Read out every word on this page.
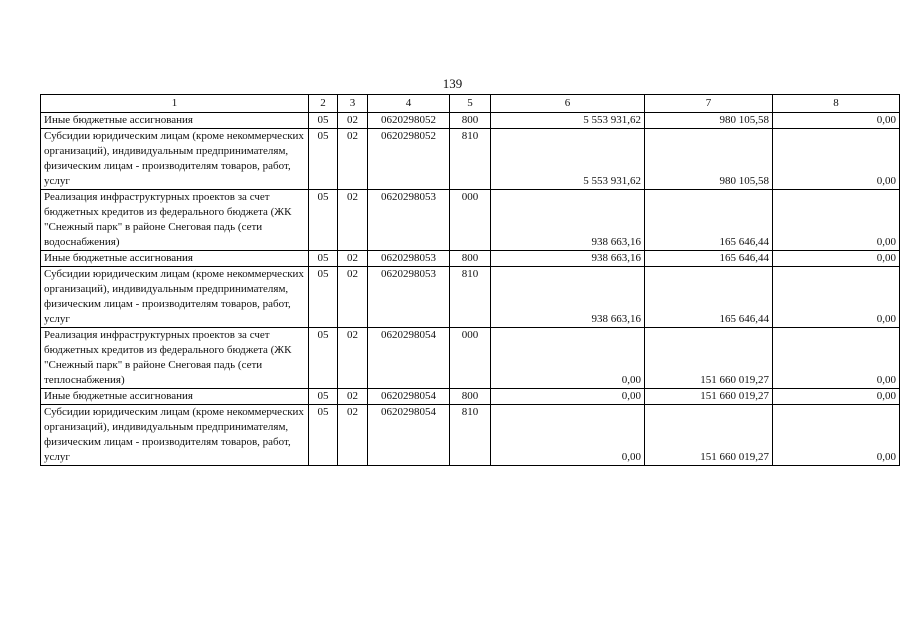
139
1	2	3	4	5	6	7	8
Иные бюджетные ассигнования	05	02	0620298052	800	5 553 931,62	980 105,58	0,00
Субсидии юридическим лицам (кроме некоммерческих организаций), индивидуальным предпринимателям, физическим лицам - производителям товаров, работ, услуг	05	02	0620298052	810	5 553 931,62	980 105,58	0,00
Реализация инфраструктурных проектов за счет бюджетных кредитов из федерального бюджета (ЖК "Снежный парк" в районе Снеговая падь (сети водоснабжения)	05	02	0620298053	000	938 663,16	165 646,44	0,00
Иные бюджетные ассигнования	05	02	0620298053	800	938 663,16	165 646,44	0,00
Субсидии юридическим лицам (кроме некоммерческих организаций), индивидуальным предпринимателям, физическим лицам - производителям товаров, работ, услуг	05	02	0620298053	810	938 663,16	165 646,44	0,00
Реализация инфраструктурных проектов за счет бюджетных кредитов из федерального бюджета (ЖК "Снежный парк" в районе Снеговая падь (сети теплоснабжения)	05	02	0620298054	000	0,00	151 660 019,27	0,00
Иные бюджетные ассигнования	05	02	0620298054	800	0,00	151 660 019,27	0,00
Субсидии юридическим лицам (кроме некоммерческих организаций), индивидуальным предпринимателям, физическим лицам - производителям товаров, работ, услуг	05	02	0620298054	810	0,00	151 660 019,27	0,00
